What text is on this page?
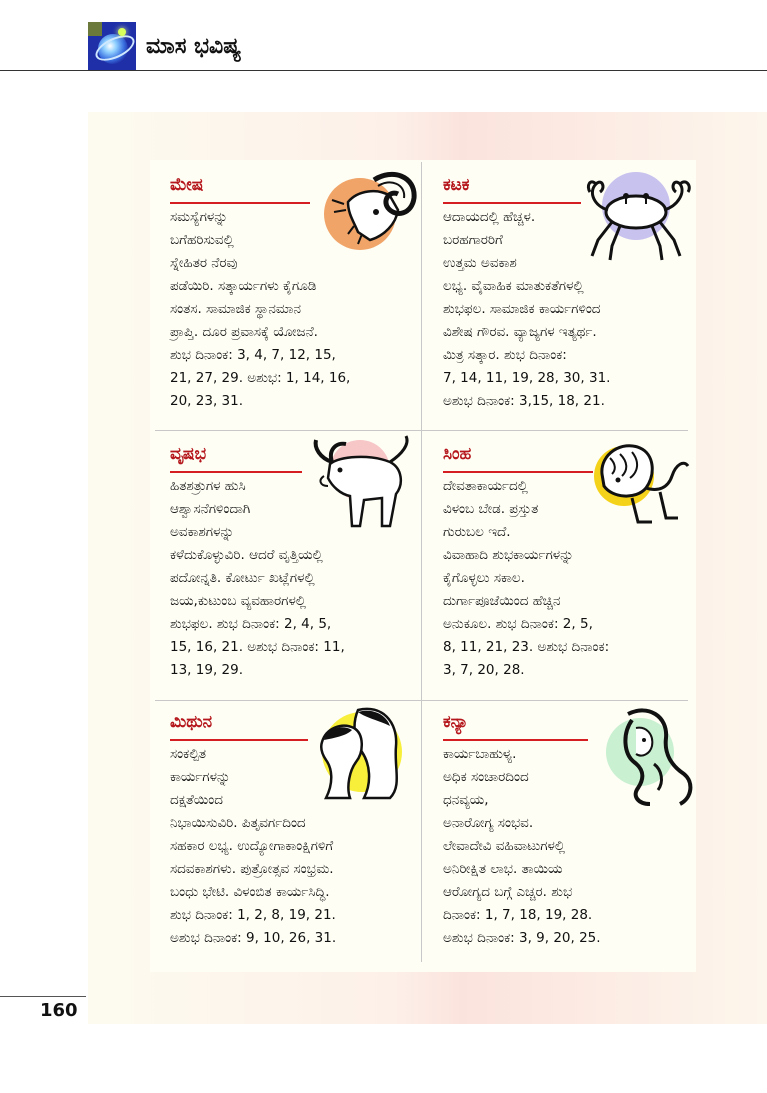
ಮಾಸ ಭವಿಷ್ಯ
ಮೇಷ
ಸಮಸ್ಯೆಗಳನ್ನು
ಬಗೆಹರಿಸುವಲ್ಲಿ
ಸ್ನೇಹಿತರ ನೆರವು
ಪಡೆಯಿರಿ. ಸತ್ಕಾರ್ಯಗಳು ಕೈಗೂಡಿ
ಸಂತಸ. ಸಾಮಾಜಿಕ ಸ್ಥಾನಮಾನ
ಪ್ರಾಪ್ತಿ. ದೂರ ಪ್ರವಾಸಕ್ಕೆ ಯೋಜನೆ.
ಶುಭ ದಿನಾಂಕ: 3, 4, 7, 12, 15,
21, 27, 29. ಅಶುಭ: 1, 14, 16,
20, 23, 31.
ಕಟಕ
ಆದಾಯದಲ್ಲಿ ಹೆಚ್ಚಳ.
ಬರಹಗಾರರಿಗೆ
ಉತ್ತಮ ಅವಕಾಶ
ಲಭ್ಯ. ವೈವಾಹಿಕ ಮಾತುಕತೆಗಳಲ್ಲಿ
ಶುಭಫಲ. ಸಾಮಾಜಿಕ ಕಾರ್ಯಗಳಿಂದ
ವಿಶೇಷ ಗೌರವ. ವ್ಯಾಜ್ಯಗಳ ಇತ್ಯರ್ಥ.
ಮಿತ್ರ ಸತ್ಕಾರ. ಶುಭ ದಿನಾಂಕ:
7, 14, 11, 19, 28, 30, 31.
ಅಶುಭ ದಿನಾಂಕ: 3,15, 18, 21.
ವೃಷಭ
ಹಿತಶತ್ರುಗಳ ಹುಸಿ
ಆಶ್ವಾಸನೆಗಳಿಂದಾಗಿ
ಅವಕಾಶಗಳನ್ನು
ಕಳೆದುಕೊಳ್ಳುವಿರಿ. ಆದರೆ ವೃತ್ತಿಯಲ್ಲಿ
ಪದೋನ್ನತಿ. ಕೋರ್ಟು ಖಟ್ಲೆಗಳಲ್ಲಿ
ಜಯ,ಕುಟುಂಬ ವ್ಯವಹಾರಗಳಲ್ಲಿ
ಶುಭಫಲ. ಶುಭ ದಿನಾಂಕ: 2, 4, 5,
15, 16, 21. ಅಶುಭ ದಿನಾಂಕ: 11,
13, 19, 29.
ಸಿಂಹ
ದೇವತಾಕಾರ್ಯದಲ್ಲಿ
ವಿಳಂಬ ಬೇಡ. ಪ್ರಸ್ತುತ
ಗುರುಬಲ ಇದೆ.
ವಿವಾಹಾದಿ ಶುಭಕಾರ್ಯಗಳನ್ನು
ಕೈಗೊಳ್ಳಲು ಸಕಾಲ.
ದುರ್ಗಾಪೂಜೆಯಿಂದ ಹೆಚ್ಚಿನ
ಅನುಕೂಲ. ಶುಭ ದಿನಾಂಕ: 2, 5,
8, 11, 21, 23. ಅಶುಭ ದಿನಾಂಕ:
3, 7, 20, 28.
ಮಿಥುನ
ಸಂಕಲ್ಪಿತ
ಕಾರ್ಯಗಳನ್ನು
ದಕ್ಷತೆಯಿಂದ
ನಿಭಾಯಿಸುವಿರಿ. ಪಿತೃವರ್ಗದಿಂದ
ಸಹಕಾರ ಲಭ್ಯ. ಉದ್ಯೋಗಾಕಾಂಕ್ಷಿಗಳಿಗೆ
ಸದವಕಾಶಗಳು. ಪುತ್ರೋತ್ಸವ ಸಂಭ್ರಮ.
ಬಂಧು ಭೇಟಿ. ವಿಳಂಬಿತ ಕಾರ್ಯಸಿದ್ಧಿ.
ಶುಭ ದಿನಾಂಕ: 1, 2, 8, 19, 21.
ಅಶುಭ ದಿನಾಂಕ: 9, 10, 26, 31.
ಕನ್ಯಾ
ಕಾರ್ಯಬಾಹುಳ್ಯ.
ಅಧಿಕ ಸಂಚಾರದಿಂದ
ಧನವ್ಯಯ,
ಅನಾರೋಗ್ಯ ಸಂಭವ.
ಲೇವಾದೇವಿ ವಹಿವಾಟುಗಳಲ್ಲಿ
ಅನಿರೀಕ್ಷಿತ ಲಾಭ. ತಾಯಿಯ
ಆರೋಗ್ಯದ ಬಗ್ಗೆ ಎಚ್ಚರ. ಶುಭ
ದಿನಾಂಕ: 1, 7, 18, 19, 28.
ಅಶುಭ ದಿನಾಂಕ: 3, 9, 20, 25.
160
